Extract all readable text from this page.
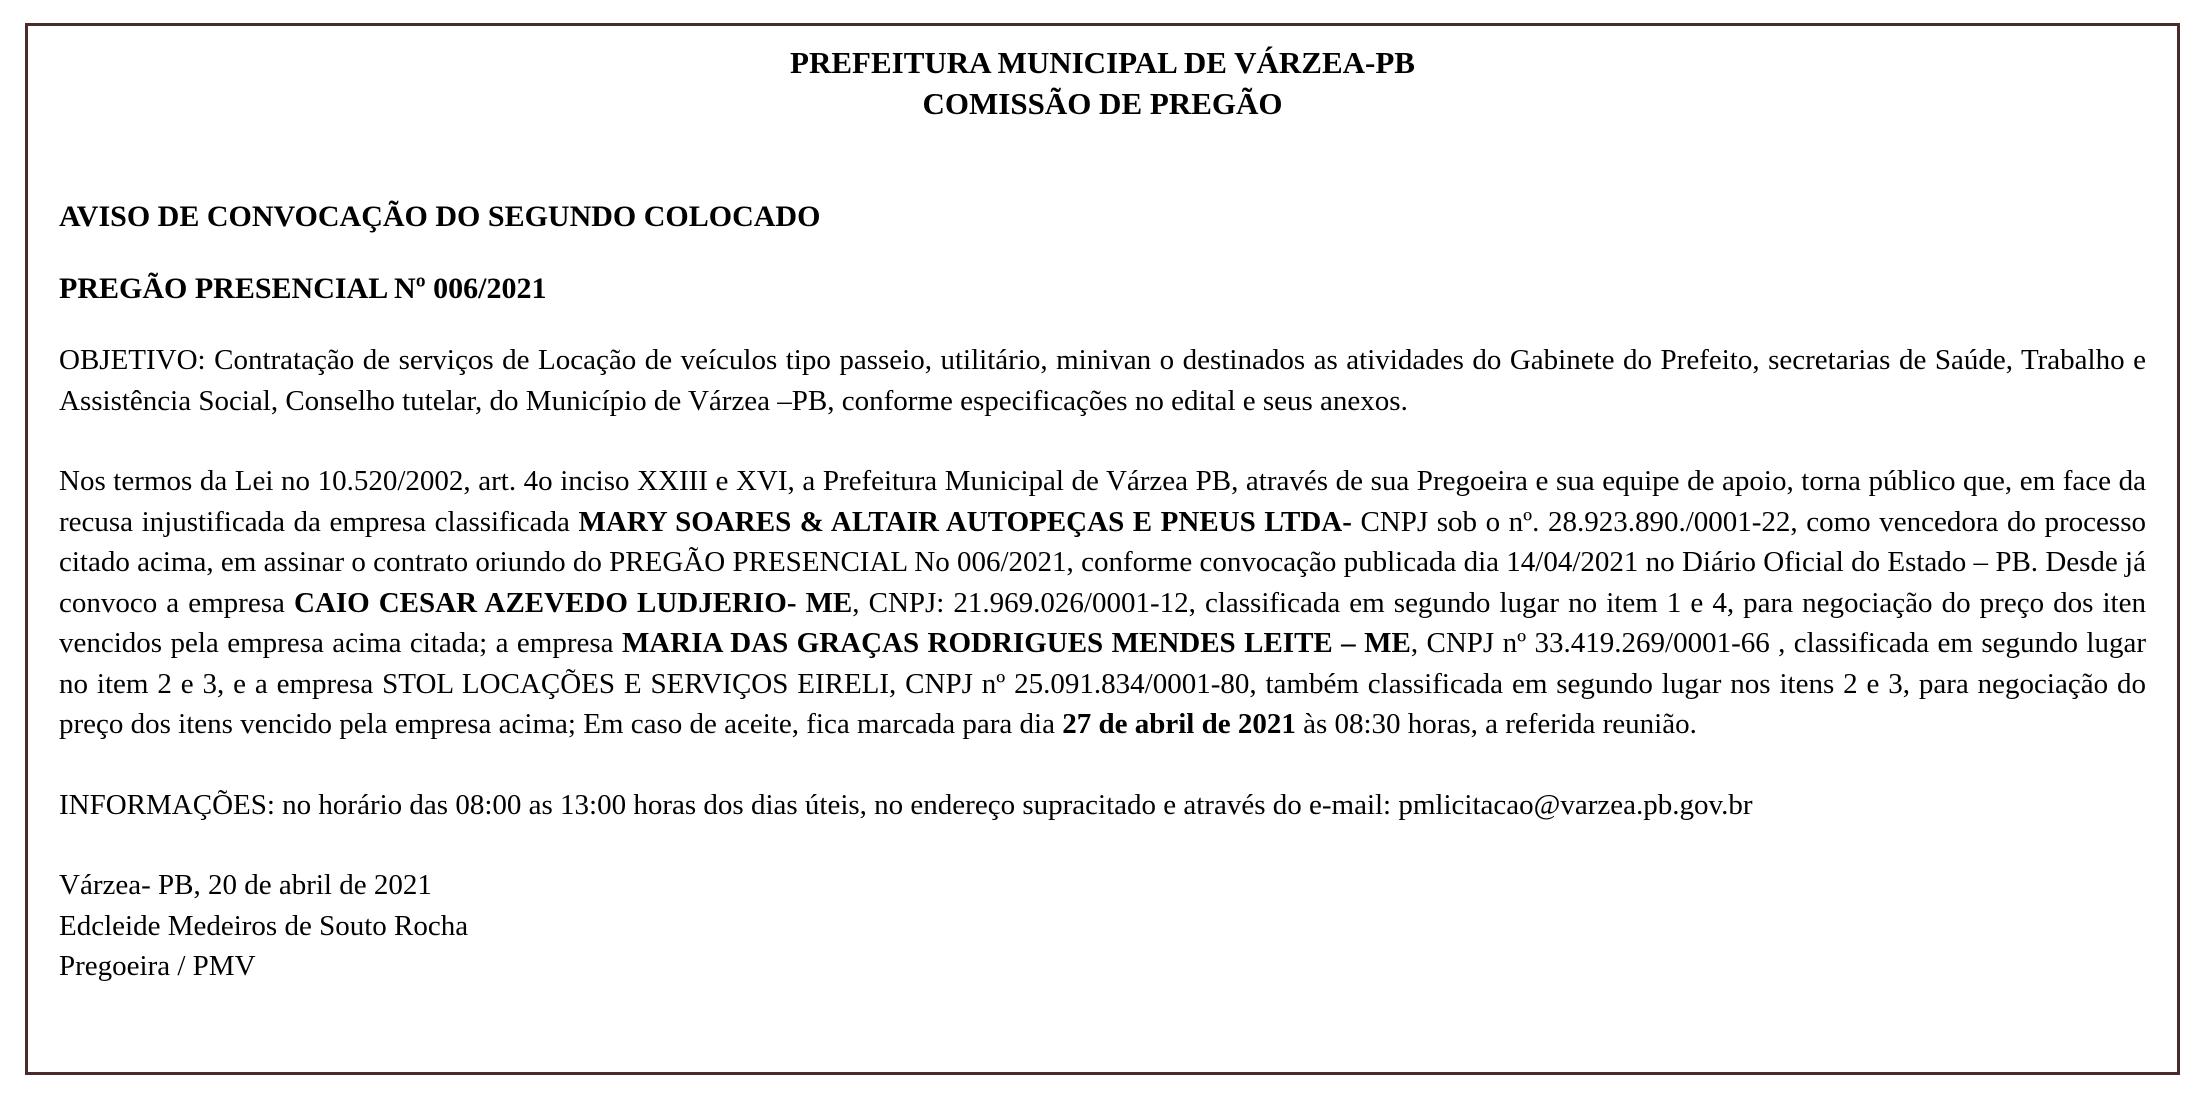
PREFEITURA MUNICIPAL DE VÁRZEA-PB
COMISSÃO DE PREGÃO

AVISO DE CONVOCAÇÃO DO SEGUNDO COLOCADO

PREGÃO PRESENCIAL Nº 006/2021

OBJETIVO: Contratação de serviços de Locação de veículos tipo passeio, utilitário, minivan o destinados as atividades do Gabinete do Prefeito, secretarias de Saúde, Trabalho e Assistência Social, Conselho tutelar, do Município de Várzea –PB, conforme especificações no edital e seus anexos.

Nos termos da Lei no 10.520/2002, art. 4o inciso XXIII e XVI, a Prefeitura Municipal de Várzea PB, através de sua Pregoeira e sua equipe de apoio, torna público que, em face da recusa injustificada da empresa classificada MARY SOARES & ALTAIR AUTOPEÇAS E PNEUS LTDA- CNPJ sob o nº. 28.923.890./0001-22, como vencedora do processo citado acima, em assinar o contrato oriundo do PREGÃO PRESENCIAL No 006/2021, conforme convocação publicada dia 14/04/2021 no Diário Oficial do Estado – PB. Desde já convoco a empresa CAIO CESAR AZEVEDO LUDJERIO- ME, CNPJ: 21.969.026/0001-12, classificada em segundo lugar no item 1 e 4, para negociação do preço dos iten vencidos pela empresa acima citada; a empresa MARIA DAS GRAÇAS RODRIGUES MENDES LEITE – ME, CNPJ nº 33.419.269/0001-66 , classificada em segundo lugar no item 2 e 3, e a empresa STOL LOCAÇÕES E SERVIÇOS EIRELI, CNPJ nº 25.091.834/0001-80, também classificada em segundo lugar nos itens 2 e 3, para negociação do preço dos itens vencido pela empresa acima; Em caso de aceite, fica marcada para dia 27 de abril de 2021 às 08:30 horas, a referida reunião.

INFORMAÇÕES: no horário das 08:00 as 13:00 horas dos dias úteis, no endereço supracitado e através do e-mail: pmlicitacao@varzea.pb.gov.br

Várzea- PB, 20 de abril de 2021

Edcleide Medeiros de Souto Rocha

Pregoeira / PMV
